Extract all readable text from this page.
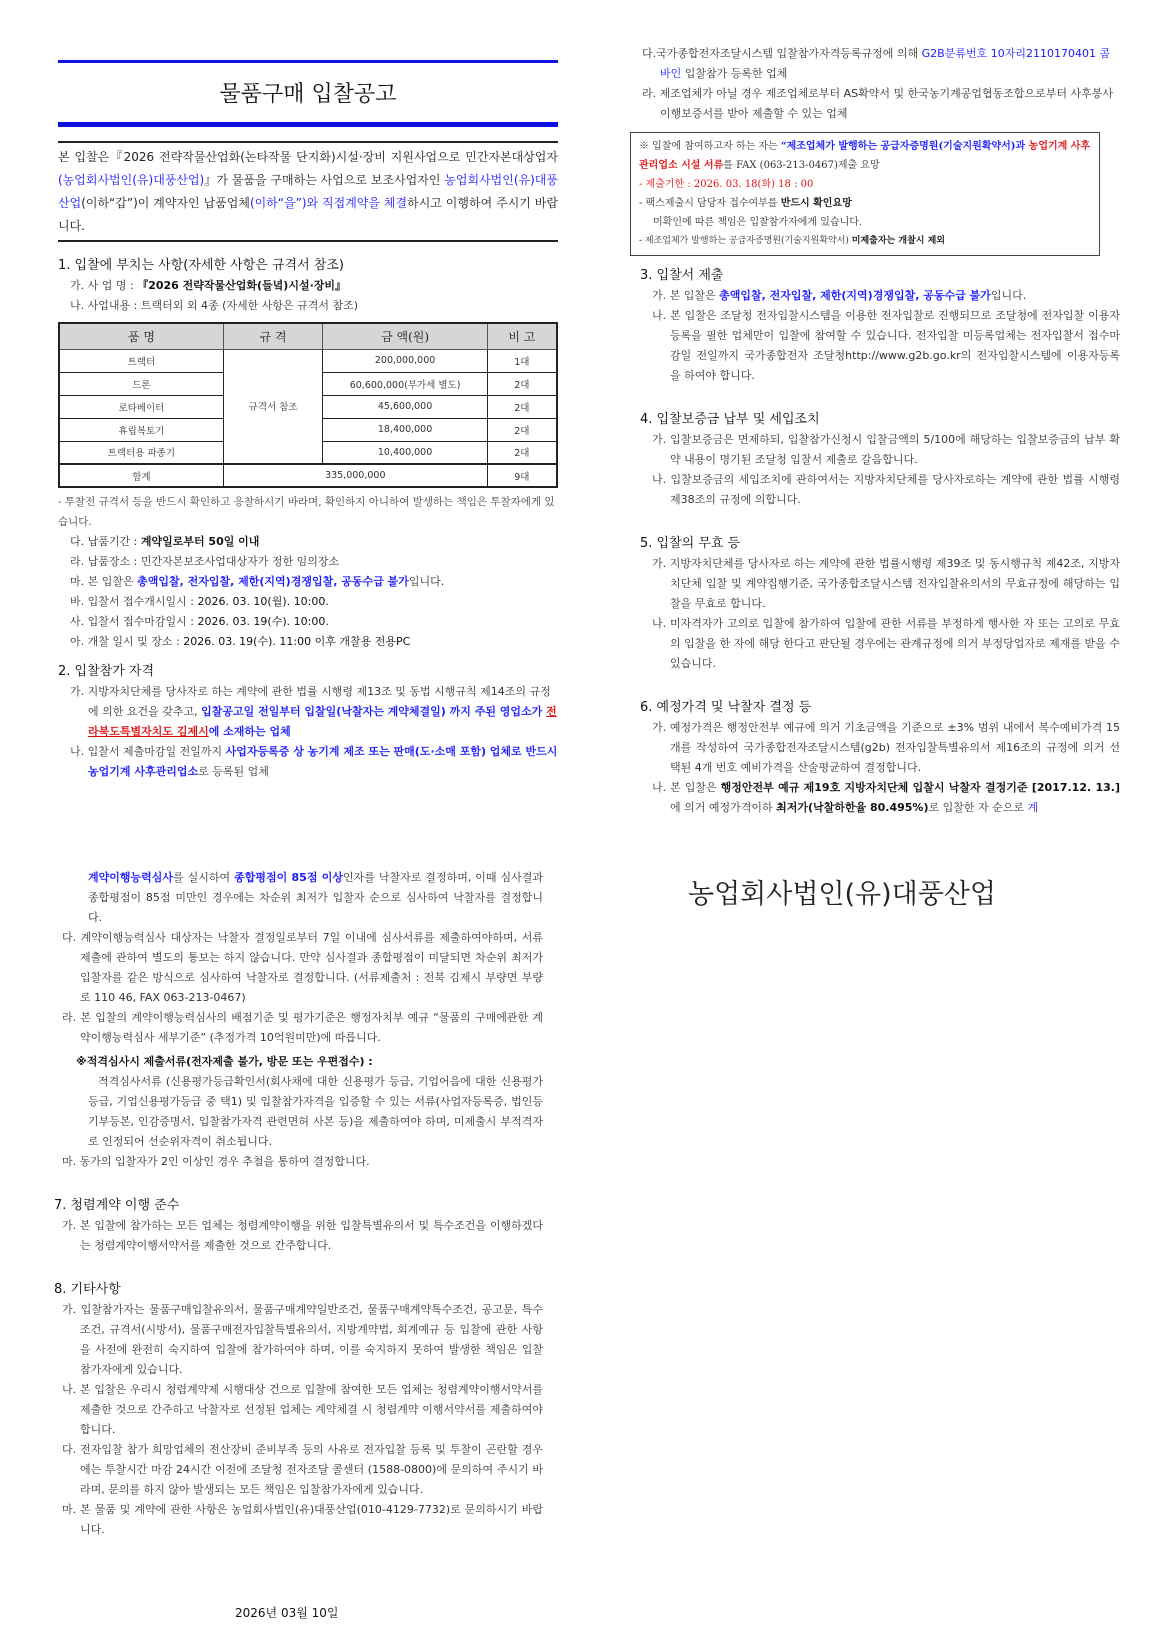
물품구매 입찰공고
본 입찰은『2026 전략작물산업화(논타작물 단지화)시설·장비 지원사업으로 민간자본대상업자(농업회사법인(유)대풍산업)』가 물품을 구매하는 사업으로 보조사업자인 농업회사법인(유)대풍산업(이하“갑”)이 계약자인 납품업체(이하“을”)와 직접계약을 체결하시고 이행하여 주시기 바랍니다.
1. 입찰에 부치는 사항(자세한 사항은 규격서 참조)
가. 사 업 명 : 『2026 전략작물산업화(들녘)시설·장비』
나. 사업내용 : 트랙터외 외 4종 (자세한 사항은 규격서 참조)
품 명	규 격	금 액(원)	비 고
트랙터	규격서 참조	200,000,000	1대
드론		60,600,000(부가세 별도)	2대
로타베이터		45,600,000	2대
휴립복토기		18,400,000	2대
트랙터용 파종기		10,400,000	2대
합계	335,000,000		9대
- 투찰전 규격서 등을 반드시 확인하고 응찰하시기 바라며, 확인하지 아니하여 발생하는 책임은 투찰자에게 있습니다.
다. 납품기간 : 계약일로부터 50일 이내
라. 납품장소 : 민간자본보조사업대상자가 정한 임의장소
마. 본 입찰은 총액입찰, 전자입찰, 제한(지역)경쟁입찰, 공동수급 불가입니다.
바. 입찰서 접수개시일시 : 2026. 03. 10(월). 10:00.
사. 입찰서 접수마감일시 : 2026. 03. 19(수). 10:00.
아. 개찰 일시 및 장소 : 2026. 03. 19(수). 11:00 이후 개찰용 전용PC
2. 입찰참가 자격
가. 지방자치단체를 당사자로 하는 계약에 관한 법률 시행령 제13조 및 동법 시행규칙 제14조의 규정에 의한 요건을 갖추고, 입찰공고일 전일부터 입찰일(낙찰자는 계약체결일) 까지 주된 영업소가 전라북도특별자치도 김제시에 소재하는 업체
나. 입찰서 제출마감일 전일까지 사업자등록증 상 농기계 제조 또는 판매(도·소매 포함) 업체로 반드시 농업기계 사후관리업소로 등록된 업체
다.국가종합전자조달시스템 입찰참가자격등록규정에 의해 G2B분류번호 10자리2110170401 콤바인 입찰참가 등록한 업체
라. 제조업체가 아닐 경우 제조업체로부터 AS확약서 및 한국농기계공업협동조합으로부터 사후봉사이행보증서를 받아 제출할 수 있는 업체
※ 입찰에 참여하고자 하는 자는 “제조업체가 발행하는 공급자증명원(기술지원확약서)과 농업기계 사후관리업소 시설 서류를 FAX (063-213-0467)제출 요망
- 제출기한 : 2026. 03. 18(화) 18 : 00
- 팩스제출시 담당자 접수여부를 반드시 확인요망
미확인에 따른 책임은 입찰참가자에게 있습니다.
- 제조업체가 발행하는 공급자증명원(기술지원확약서) 미제출자는 개찰시 제외
3. 입찰서 제출
가. 본 입찰은 총액입찰, 전자입찰, 제한(지역)경쟁입찰, 공동수급 불가입니다.
나. 본 입찰은 조달청 전자입찰시스템을 이용한 전자입찰로 진행되므로 조달청에 전자입찰 이용자등록을 필한 업체만이 입찰에 참여할 수 있습니다. 전자입찰 미등록업체는 전자입찰서 접수마감일 전일까지 국가종합전자 조달청http://www.g2b.go.kr의 전자입찰시스템에 이용자등록을 하여야 합니다.
4. 입찰보증금 납부 및 세입조치
가. 입찰보증금은 면제하되, 입찰참가신청시 입찰금액의 5/100에 해당하는 입찰보증금의 납부 확약 내용이 명기된 조달청 입찰서 제출로 갈음합니다.
나. 입찰보증금의 세입조치에 관하여서는 지방자치단체를 당사자로하는 계약에 관한 법률 시행령 제38조의 규정에 의합니다.
5. 입찰의 무효 등
가. 지방자치단체를 당사자로 하는 계약에 관한 법률시행령 제39조 및 동시행규칙 제42조, 지방자치단체 입찰 및 계약집행기준, 국가종합조달시스템 전자입찰유의서의 무효규정에 해당하는 입찰을 무효로 합니다.
나. 미자격자가 고의로 입찰에 참가하여 입찰에 관한 서류를 부정하게 행사한 자 또는 고의로 무효의 입찰을 한 자에 해당 한다고 판단될 경우에는 관계규정에 의거 부정당업자로 제재를 받을 수 있습니다.
6. 예정가격 및 낙찰자 결정 등
가. 예정가격은 행정안전부 예규에 의거 기초금액을 기준으로 ±3% 범위 내에서 복수예비가격 15개를 작성하여 국가종합전자조달시스템(g2b) 전자입찰특별유의서 제16조의 규정에 의거 선택된 4개 번호 예비가격을 산술평균하여 결정합니다.
나. 본 입찰은 행정안전부 예규 제19호 지방자치단체 입찰시 낙찰자 결정기준 [2017.12. 13.] 에 의거 예정가격이하 최저가(낙찰하한율 80.495%)로 입찰한 자 순으로 계
농업회사법인(유)대풍산업
계약이행능력심사를 실시하여 종합평점이 85점 이상인자를 낙찰자로 결정하며, 이때 심사결과 종합평점이 85점 미만인 경우에는 차순위 최저가 입찰자 순으로 심사하여 낙찰자를 결정합니다.
다. 계약이행능력심사 대상자는 낙찰자 결정일로부터 7일 이내에 심사서류를 제출하여야하며, 서류제출에 관하여 별도의 통보는 하지 않습니다. 만약 심사결과 종합평점이 미달되면 차순위 최저가 입찰자를 같은 방식으로 심사하여 낙찰자로 결정합니다. (서류제출처 : 전북 김제시 부량면 부량로 110 46, FAX 063-213-0467)
라. 본 입찰의 계약이행능력심사의 배점기준 및 평가기준은 행정자치부 예규 “물품의 구매에관한 계약이행능력심사 세부기준” (추정가격 10억원미만)에 따릅니다.
※적격심사시 제출서류(전자제출 불가, 방문 또는 우편접수) :
적격심사서류 (신용평가등급확인서(회사채에 대한 신용평가 등급, 기업어음에 대한 신용평가등급, 기업신용평가등급 중 택1) 및 입찰참가자격을 입증할 수 있는 서류(사업자등록증, 법인등기부등본, 인감증명서, 입찰참가자격 관련면허 사본 등)을 제출하여야 하며, 미제출시 부적격자로 인정되어 선순위자격이 취소됩니다.
마. 동가의 입찰자가 2인 이상인 경우 추첨을 통하여 결정합니다.
7. 청렴계약 이행 준수
가. 본 입찰에 참가하는 모든 업체는 청렴계약이행을 위한 입찰특별유의서 및 특수조건을 이행하겠다는 청렴계약이행서약서를 제출한 것으로 간주합니다.
8. 기타사항
가. 입찰참가자는 물품구매입찰유의서, 물품구매계약일반조건, 물품구매계약특수조건, 공고문, 특수조건, 규격서(시방서), 물품구매전자입찰특별유의서, 지방계약법, 회계예규 등 입찰에 관한 사항을 사전에 완전히 숙지하여 입찰에 참가하여야 하며, 이를 숙지하지 못하여 발생한 책임은 입찰 참가자에게 있습니다.
나. 본 입찰은 우리시 청렴계약제 시행대상 건으로 입찰에 참여한 모든 업체는 청렴계약이행서약서를 제출한 것으로 간주하고 낙찰자로 선정된 업체는 계약체결 시 청렴계약 이행서약서를 제출하여야 합니다.
다. 전자입찰 참가 희망업체의 전산장비 준비부족 등의 사유로 전자입찰 등록 및 투찰이 곤란할 경우에는 투찰시간 마감 24시간 이전에 조달청 전자조달 콜센터 (1588-0800)에 문의하여 주시기 바라며, 문의를 하지 않아 발생되는 모든 책임은 입찰참가자에게 있습니다.
마. 본 물품 및 계약에 관한 사항은 농업회사법인(유)대풍산업(010-4129-7732)로 문의하시기 바랍니다.
2026년 03월 10일
